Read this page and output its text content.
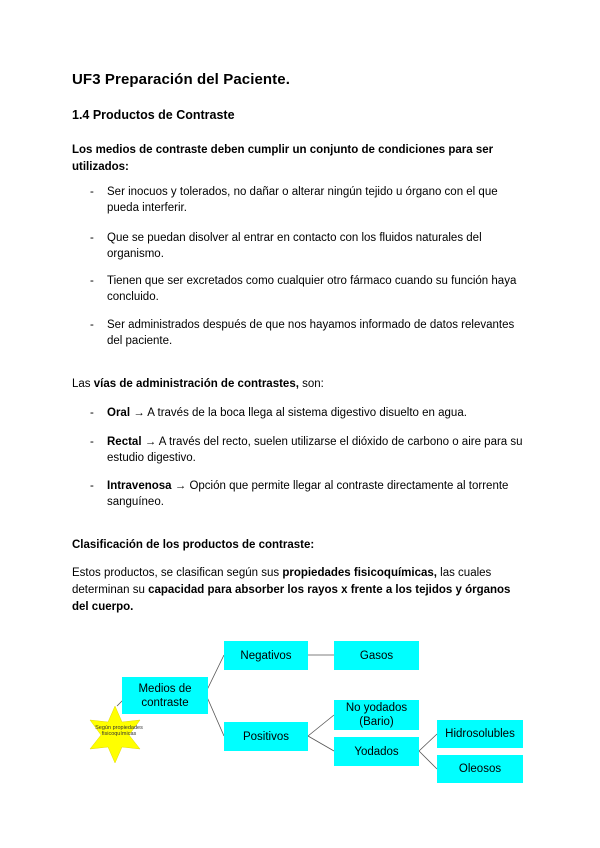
UF3 Preparación del Paciente.
1.4 Productos de Contraste
Los medios de contraste deben cumplir un conjunto de condiciones para ser utilizados:
- Ser inocuos y tolerados, no dañar o alterar ningún tejido u órgano con el que pueda interferir.
- Que se puedan disolver al entrar en contacto con los fluidos naturales del organismo.
- Tienen que ser excretados como cualquier otro fármaco cuando su función haya concluido.
- Ser administrados después de que nos hayamos informado de datos relevantes del paciente.
Las vías de administración de contrastes, son:
- Oral → A través de la boca llega al sistema digestivo disuelto en agua.
- Rectal → A través del recto, suelen utilizarse el dióxido de carbono o aire para su estudio digestivo.
- Intravenosa → Opción que permite llegar al contraste directamente al torrente sanguíneo.
Clasificación de los productos de contraste:
Estos productos, se clasifican según sus propiedades fisicoquímicas, las cuales determinan su capacidad para absorber los rayos x frente a los tejidos y órganos del cuerpo.
Según propiedades fisicoquímicas
Medios de contraste
Negativos	Gasos
Positivos
No yodados (Bario)
Yodados
Hidrosolubles
Oleosos
